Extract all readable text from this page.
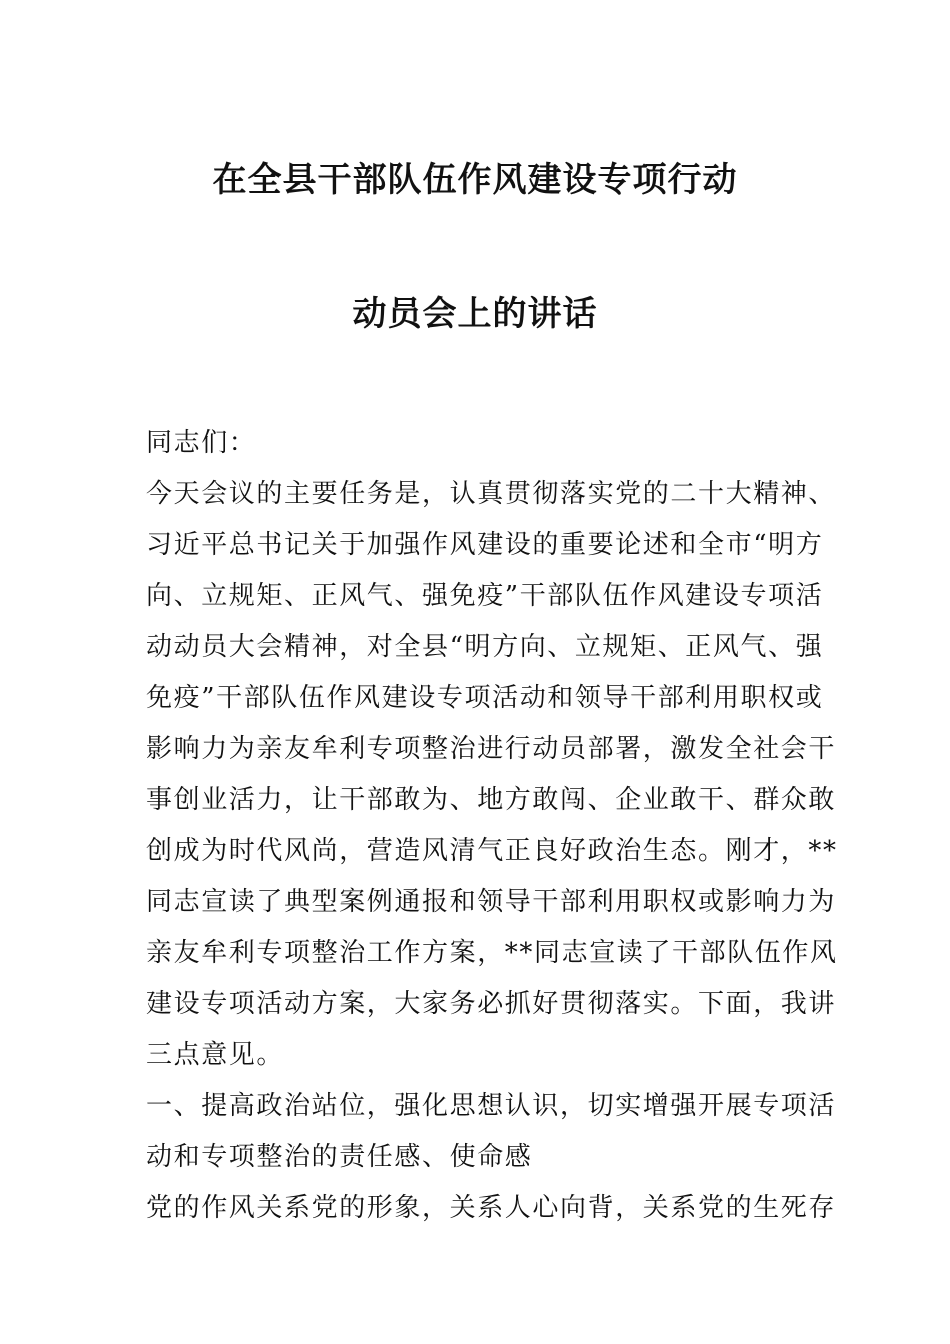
在全县干部队伍作风建设专项行动
动员会上的讲话
同志们：
今天会议的主要任务是，认真贯彻落实党的二十大精神、
习近平总书记关于加强作风建设的重要论述和全市“明方
向、立规矩、正风气、强免疫”干部队伍作风建设专项活
动动员大会精神，对全县“明方向、立规矩、正风气、强
免疫”干部队伍作风建设专项活动和领导干部利用职权或
影响力为亲友牟利专项整治进行动员部署，激发全社会干
事创业活力，让干部敢为、地方敢闯、企业敢干、群众敢
创成为时代风尚，营造风清气正良好政治生态。刚才，**
同志宣读了典型案例通报和领导干部利用职权或影响力为
亲友牟利专项整治工作方案，**同志宣读了干部队伍作风
建设专项活动方案，大家务必抓好贯彻落实。下面，我讲
三点意见。
一、提高政治站位，强化思想认识，切实增强开展专项活
动和专项整治的责任感、使命感
党的作风关系党的形象，关系人心向背，关系党的生死存
